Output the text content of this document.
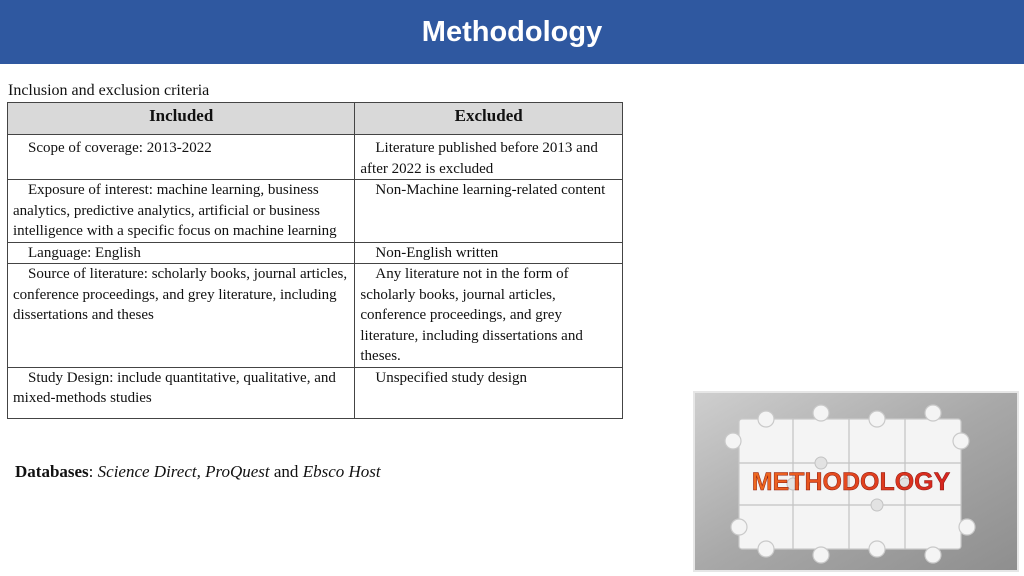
Methodology
Inclusion and exclusion criteria
Included	Excluded
Scope of coverage: 2013-2022	Literature published before 2013 and after 2022 is excluded
Exposure of interest: machine learning, business analytics, predictive analytics, artificial or business intelligence with a specific focus on machine learning	Non-Machine learning-related content
Language: English	Non-English written
Source of literature: scholarly books, journal articles, conference proceedings, and grey literature, including dissertations and theses	Any literature not in the form of scholarly books, journal articles, conference proceedings, and grey literature, including dissertations and theses.
Study Design: include quantitative, qualitative, and mixed-methods studies	Unspecified study design
Databases: Science Direct, ProQuest and Ebsco Host	METHODOLOGY
